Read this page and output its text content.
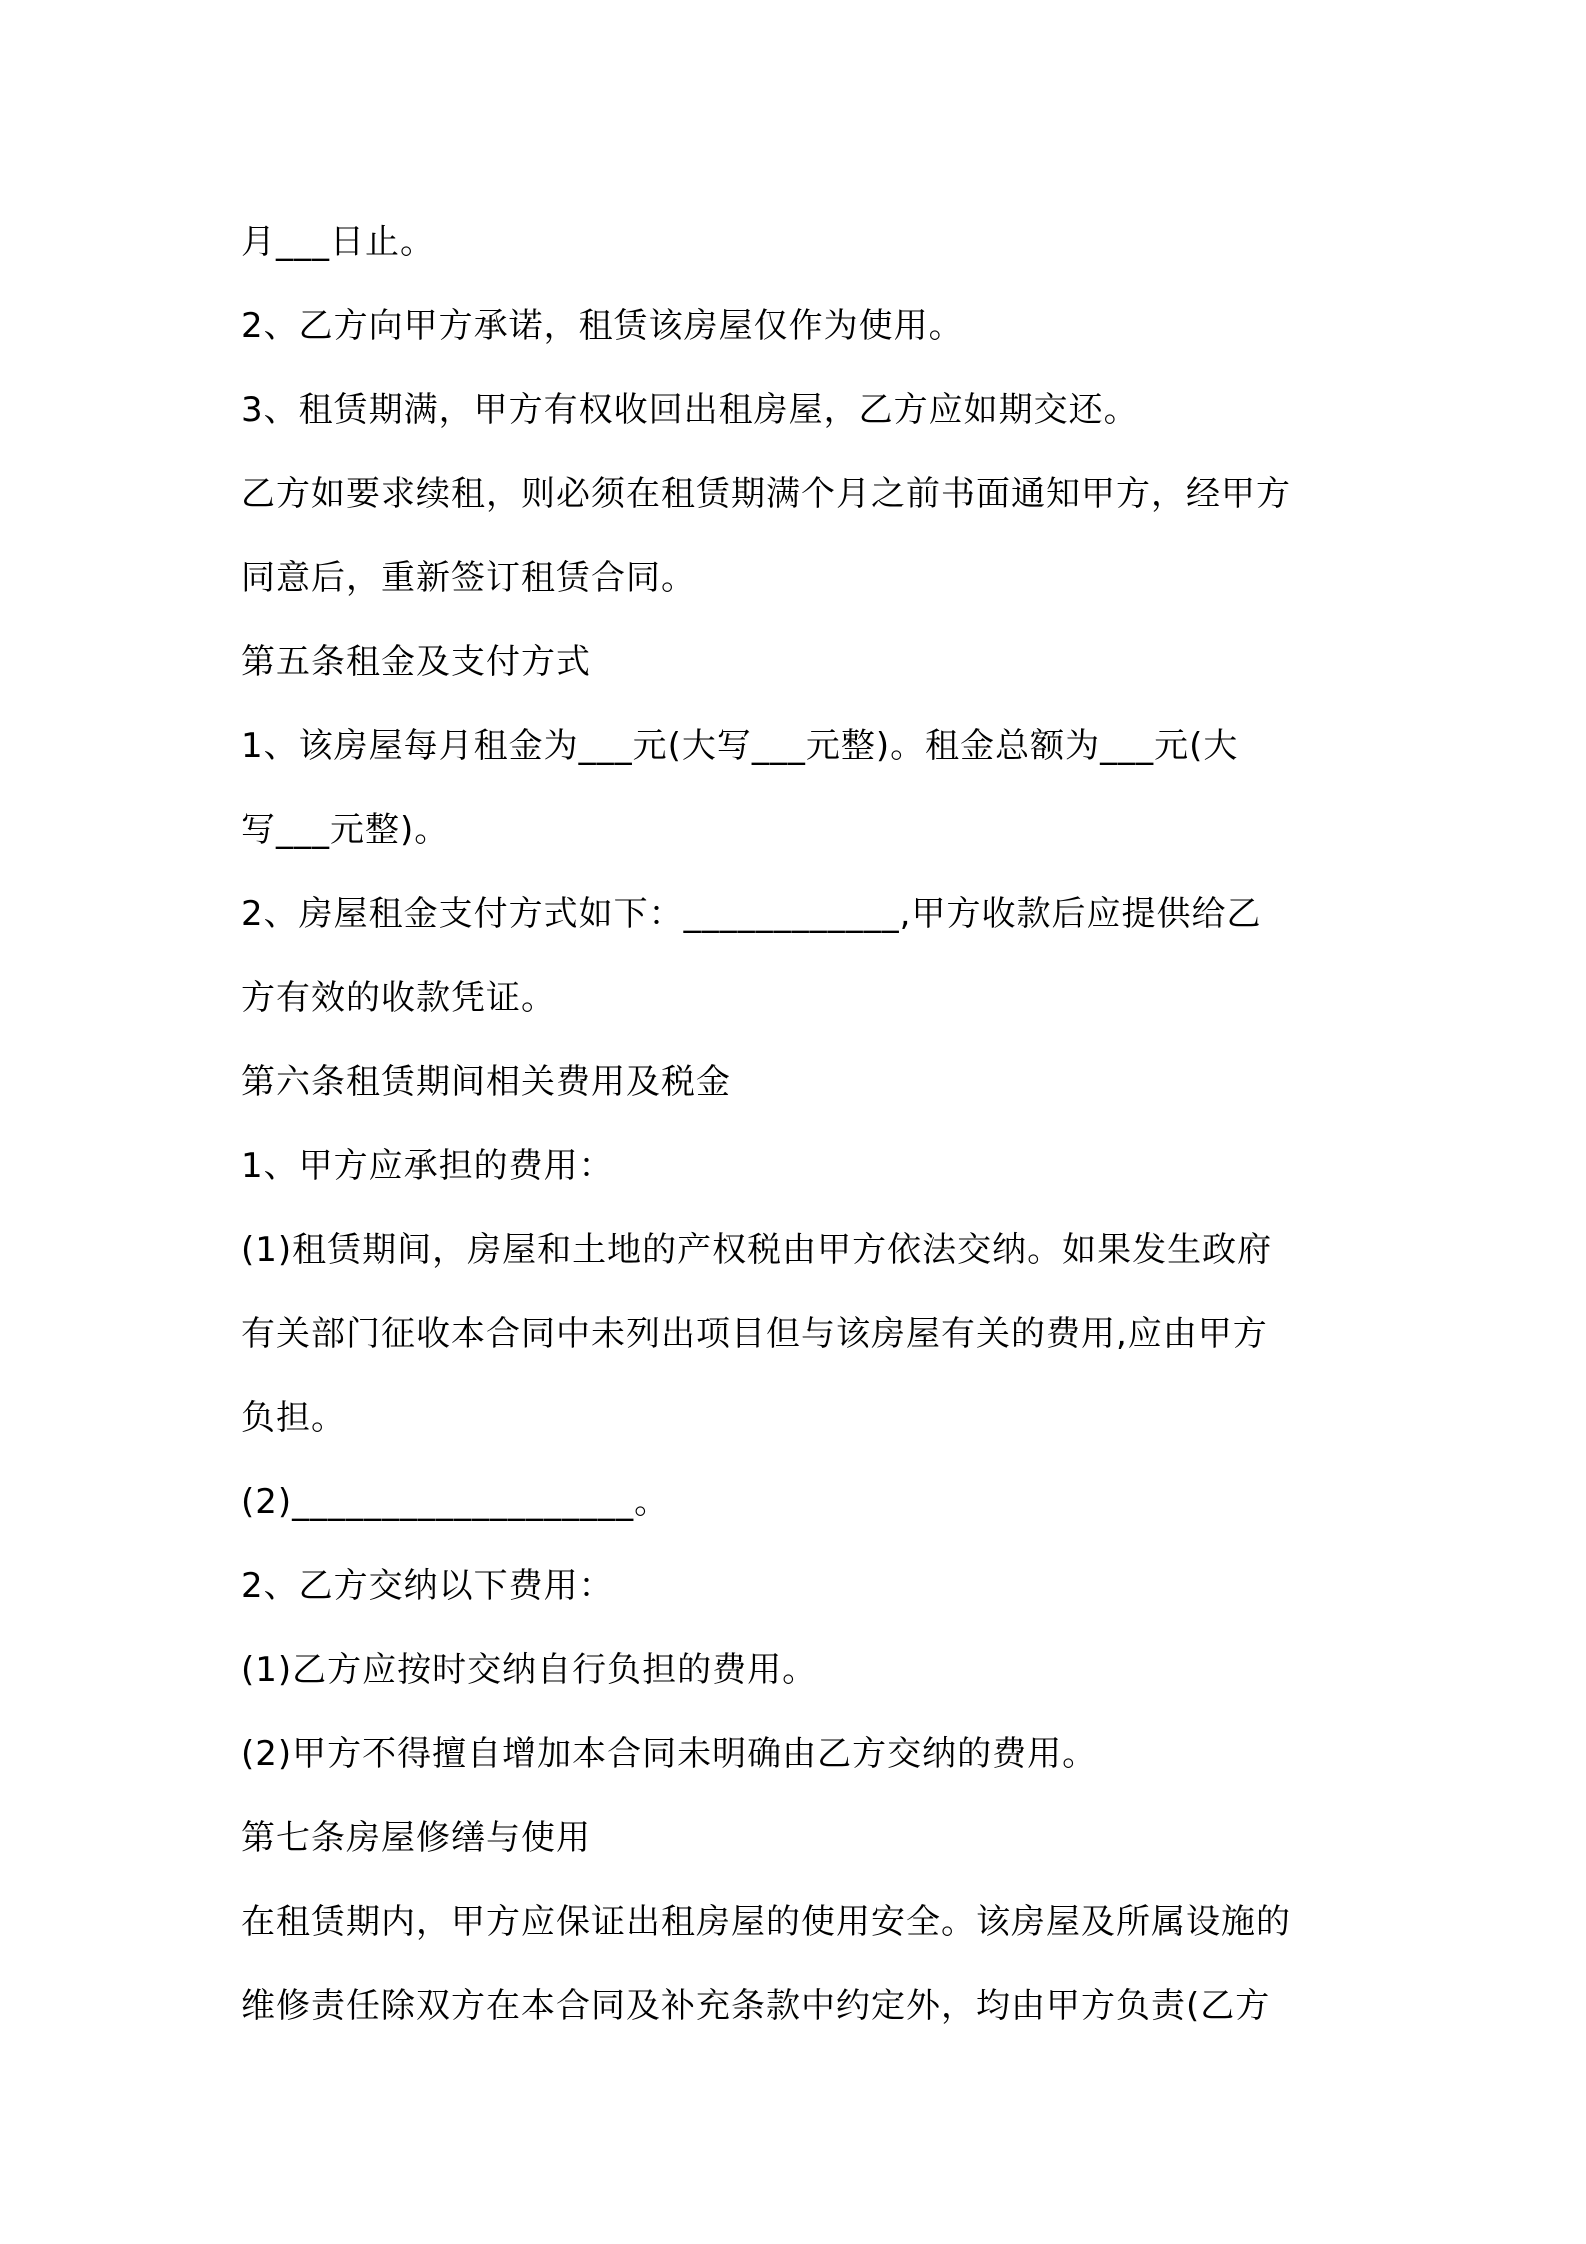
月___日止。
2、乙方向甲方承诺，租赁该房屋仅作为使用。
3、租赁期满，甲方有权收回出租房屋，乙方应如期交还。
乙方如要求续租，则必须在租赁期满个月之前书面通知甲方，经甲方
同意后，重新签订租赁合同。
第五条租金及支付方式
1、该房屋每月租金为___元(大写___元整)。租金总额为___元(大
写___元整)。
2、房屋租金支付方式如下：____________,甲方收款后应提供给乙
方有效的收款凭证。
第六条租赁期间相关费用及税金
1、甲方应承担的费用：
(1)租赁期间，房屋和土地的产权税由甲方依法交纳。如果发生政府
有关部门征收本合同中未列出项目但与该房屋有关的费用,应由甲方
负担。
(2)___________________。
2、乙方交纳以下费用：
(1)乙方应按时交纳自行负担的费用。
(2)甲方不得擅自增加本合同未明确由乙方交纳的费用。
第七条房屋修缮与使用
在租赁期内，甲方应保证出租房屋的使用安全。该房屋及所属设施的
维修责任除双方在本合同及补充条款中约定外，均由甲方负责(乙方
